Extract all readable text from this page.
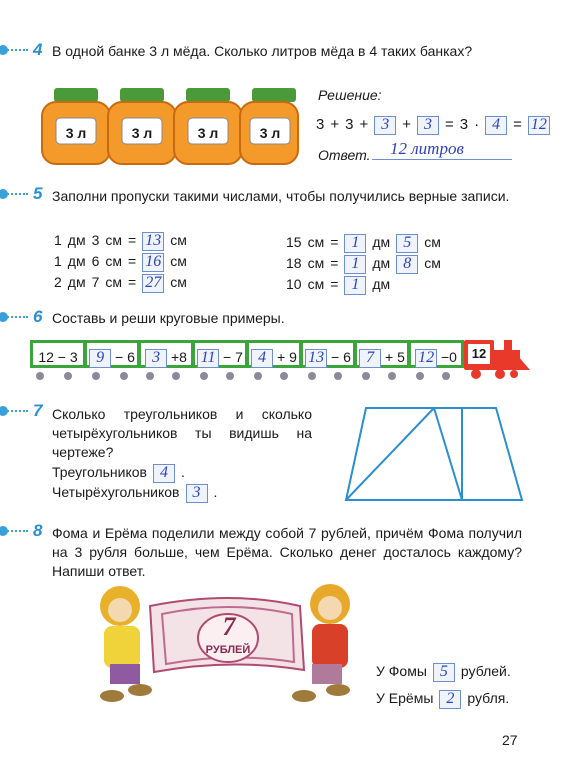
4 В одной банке 3 л мёда. Сколько литров мёда в 4 таких банках?
3 л	3 л	3 л	3 л
Решение:
3 + 3 + 3 + 3 = 3 · 4 = 12
Ответ.	12 литров
5 Заполни пропуски такими числами, чтобы получились верные записи.
1 дм 3 см = 13 см
1 дм 6 см = 16 см
2 дм 7 см = 27 см
15 см = 1 дм 5 см
18 см = 1 дм 8 см
10 см = 1 дм
6 Составь и реши круговые примеры.
12 − 3	9 − 6	3 +8 11 − 7 4 + 9 13 − 6 7 + 5 12 −0	12
7 Сколько треугольников и сколько четырёхугольников ты видишь на чертеже?
Треугольников 4 .
Четырёхугольников 3 .
8 Фома и Ерёма поделили между собой 7 рублей, причём Фома получил на 3 рубля больше, чем Ерёма. Сколько денег досталось каждому? Напиши ответ.
7
РУБЛЕЙ
У Фомы 5 рублей.
У Ерёмы 2 рубля.
27
